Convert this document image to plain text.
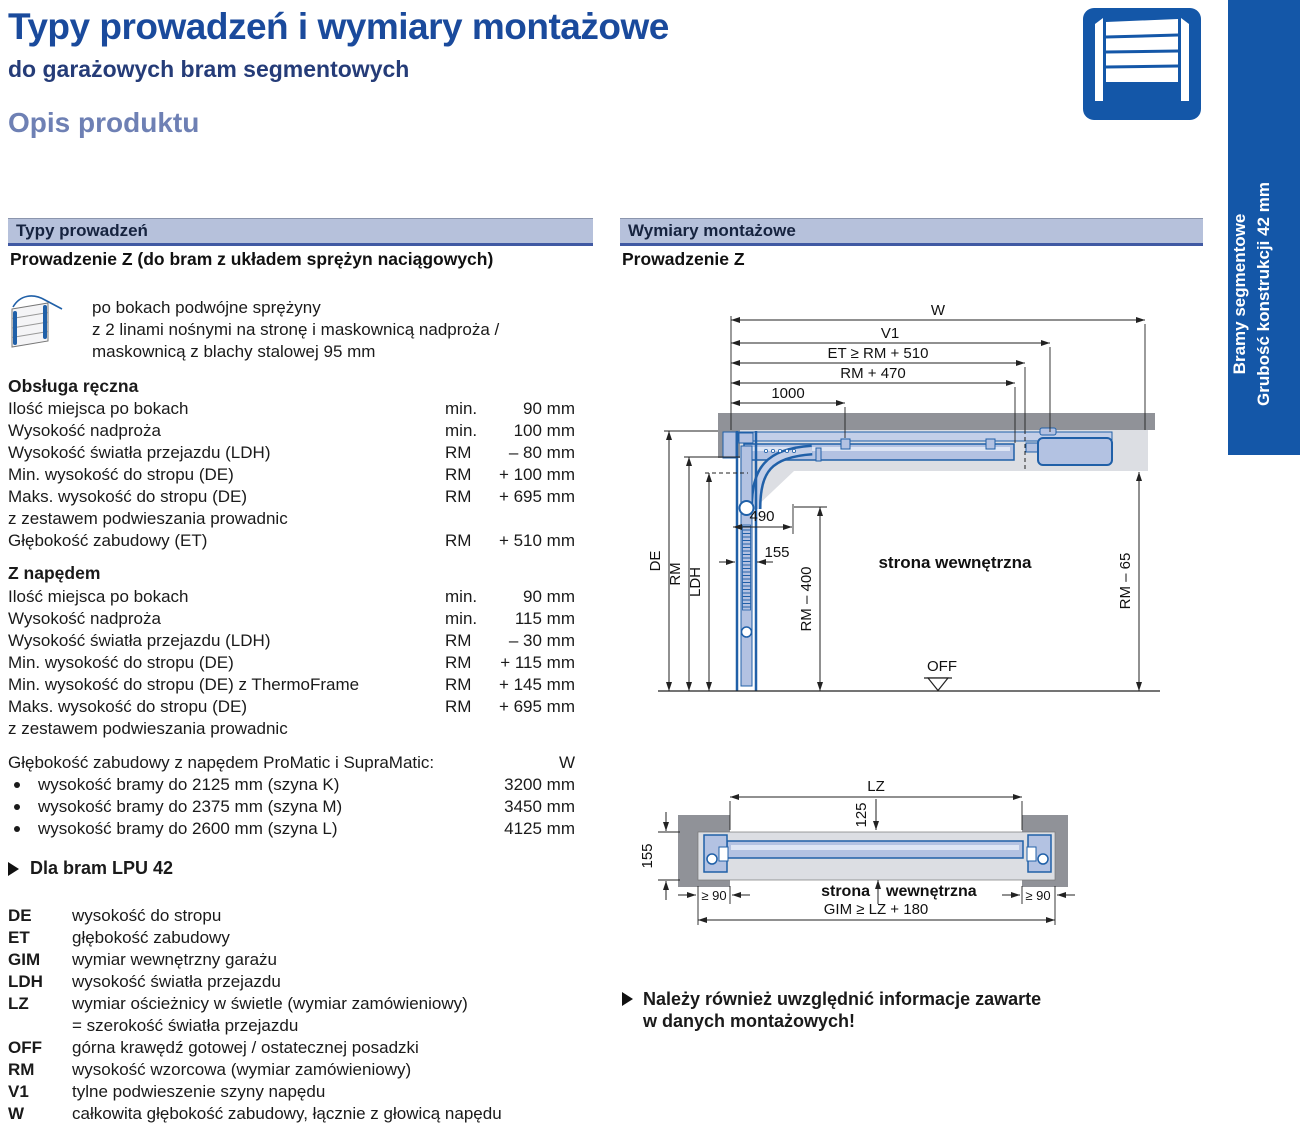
Typy prowadzeń i wymiary montażowe
do garażowych bram segmentowych
Opis produktu
Bramy segmentowe Grubość konstrukcji 42 mm
Typy prowadzeń
Prowadzenie Z (do bram z układem sprężyn naciągowych)
po bokach podwójne sprężyny
z 2 linami nośnymi na stronę i maskownicą nadproża /
maskownicą z blachy stalowej 95 mm
Obsługa ręczna
Ilość miejsca po bokach	min.	90 mm
Wysokość nadproża	min.	100 mm
Wysokość światła przejazdu (LDH)	RM	– 80 mm
Min. wysokość do stropu (DE)	RM	+ 100 mm
Maks. wysokość do stropu (DE)	RM	+ 695 mm
z zestawem podwieszania prowadnic
Głębokość zabudowy (ET)	RM	+ 510 mm
Z napędem
Ilość miejsca po bokach	min.	90 mm
Wysokość nadproża	min.	115 mm
Wysokość światła przejazdu (LDH)	RM	– 30 mm
Min. wysokość do stropu (DE)	RM	+ 115 mm
Min. wysokość do stropu (DE) z ThermoFrame	RM	+ 145 mm
Maks. wysokość do stropu (DE)	RM	+ 695 mm
z zestawem podwieszania prowadnic
Głębokość zabudowy z napędem ProMatic i SupraMatic:	W
wysokość bramy do 2125 mm (szyna K)	3200 mm
wysokość bramy do 2375 mm (szyna M)	3450 mm
wysokość bramy do 2600 mm (szyna L)	4125 mm
Dla bram LPU 42
DE	wysokość do stropu
ET	głębokość zabudowy
GIM	wymiar wewnętrzny garażu
LDH	wysokość światła przejazdu
LZ	wymiar ościeżnicy w świetle (wymiar zamówieniowy)
= szerokość światła przejazdu
OFF	górna krawędź gotowej / ostatecznej posadzki
RM	wysokość wzorcowa (wymiar zamówieniowy)
V1	tylne podwieszenie szyny napędu
W	całkowita głębokość zabudowy, łącznie z głowicą napędu
Wymiary montażowe
Prowadzenie Z
W
V1
ET ≥ RM + 510
RM + 470
1000
490
155
DE
RM LDH	RM – 400	RM – 65
strona wewnętrzna
OFF
LZ
125
155
≥ 90	≥ 90
strona wewnętrzna
GIM ≥ LZ + 180
Należy również uwzględnić informacje zawarte
w danych montażowych!
